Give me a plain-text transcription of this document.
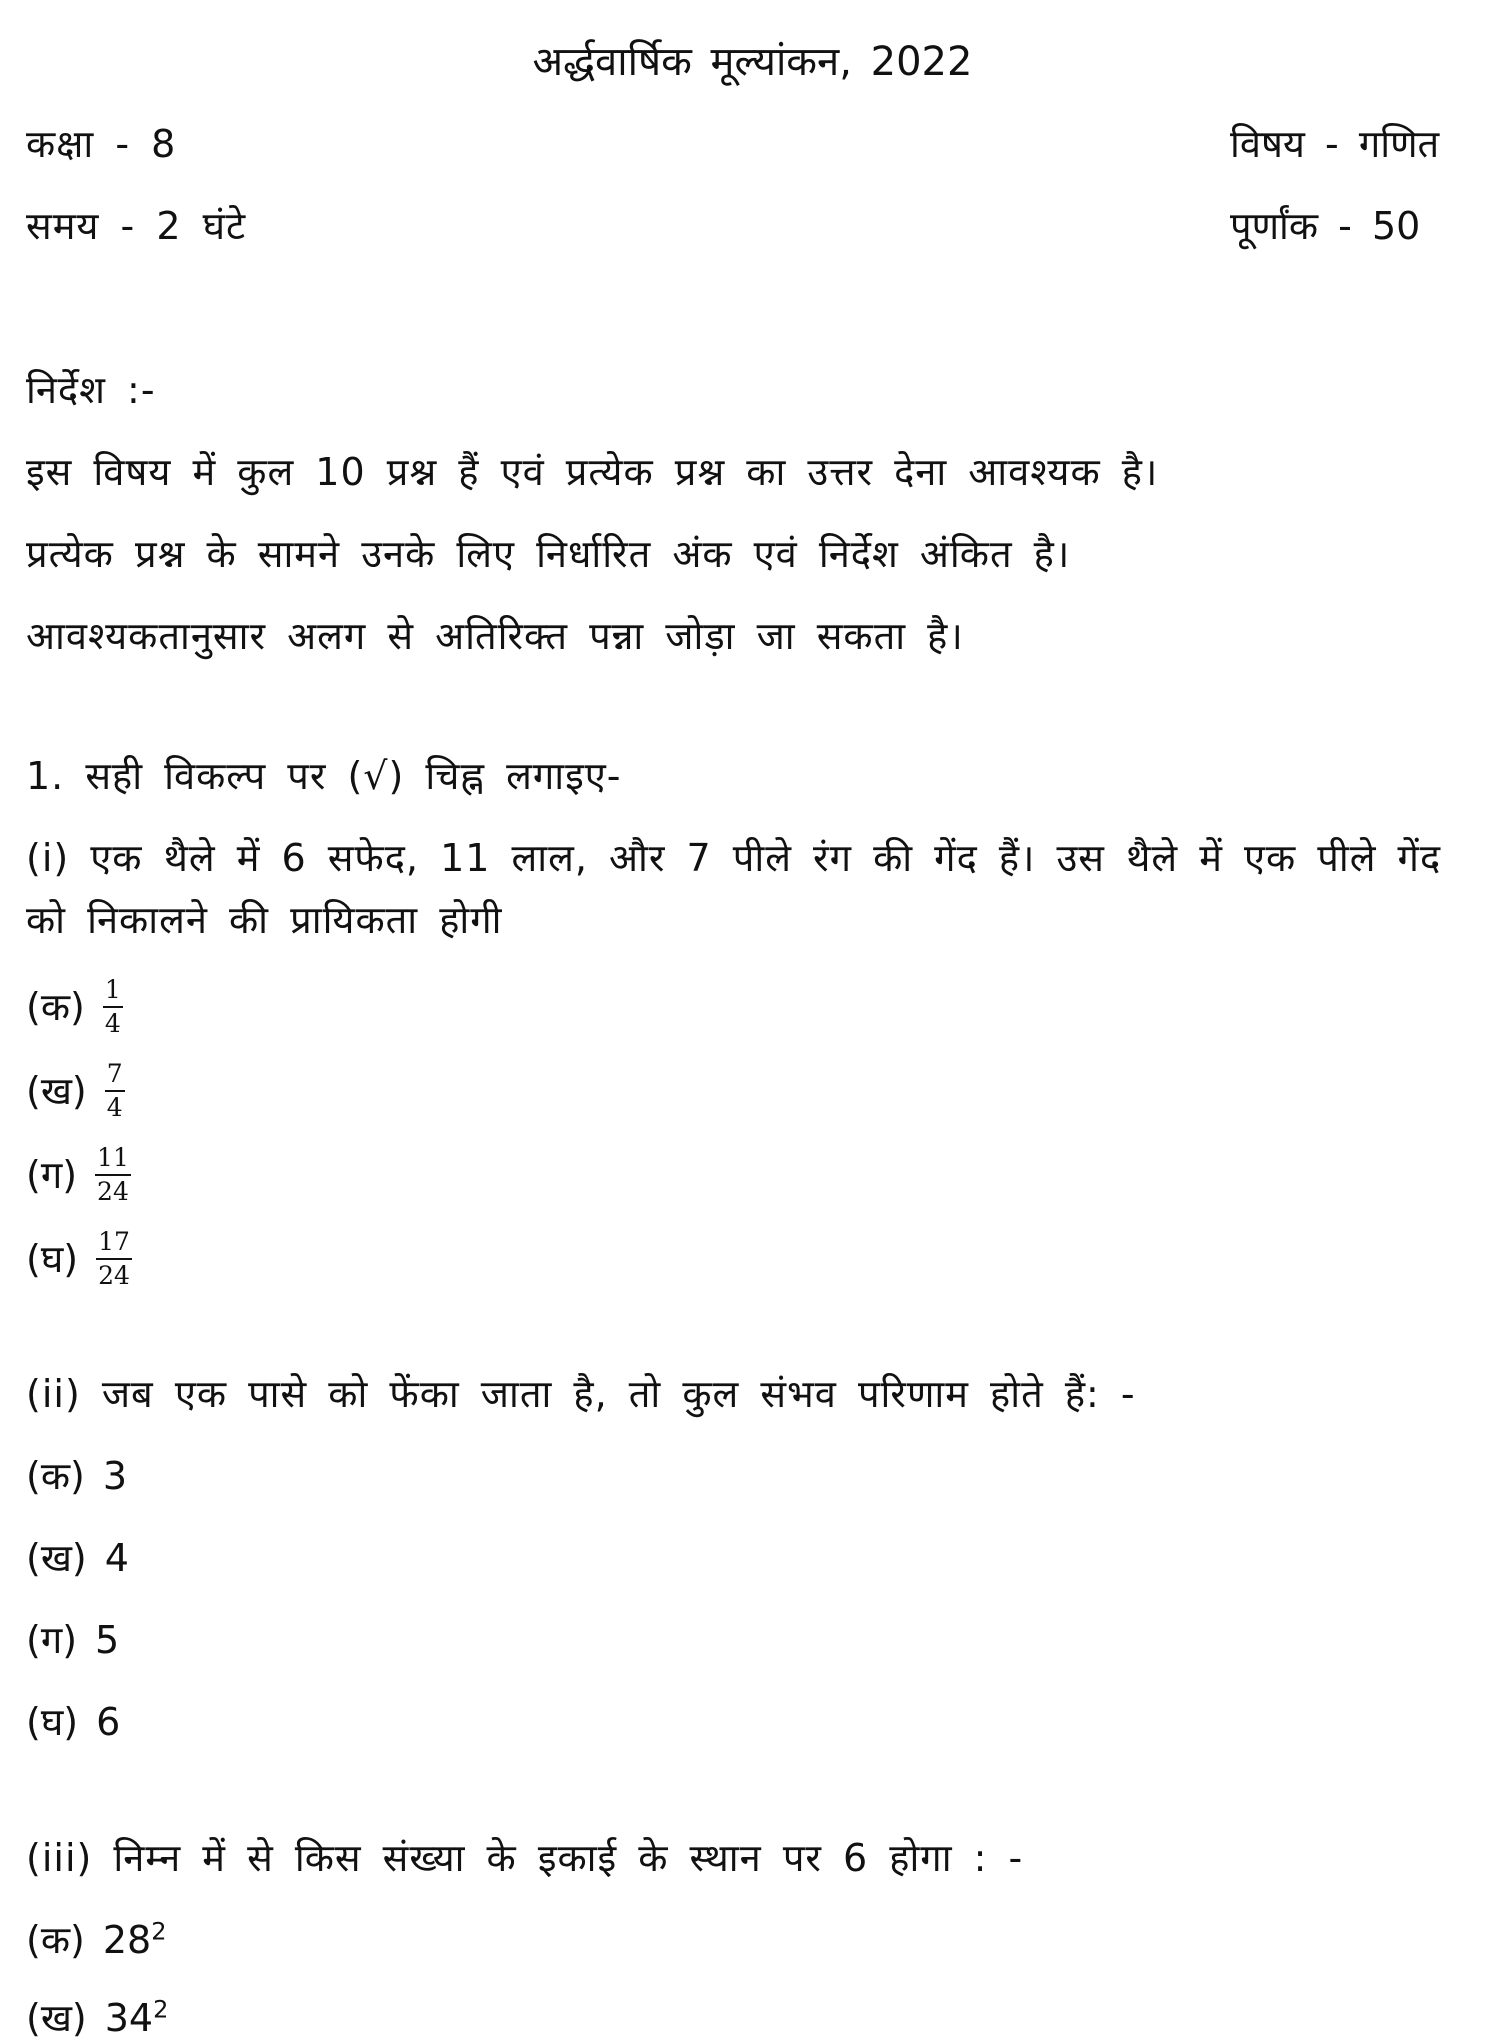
अर्द्धवार्षिक मूल्यांकन, 2022
कक्षा - 8	विषय - गणित
समय - 2 घंटे	पूर्णांक - 50
निर्देश :-
इस विषय में कुल 10 प्रश्न हैं एवं प्रत्येक प्रश्न का उत्तर देना आवश्यक है।
प्रत्येक प्रश्न के सामने उनके लिए निर्धारित अंक एवं निर्देश अंकित है।
आवश्यकतानुसार अलग से अतिरिक्त पन्ना जोड़ा जा सकता है।
1. सही विकल्प पर (√) चिह्न लगाइए-
(i) एक थैले में 6 सफेद, 11 लाल, और 7 पीले रंग की गेंद हैं। उस थैले में एक पीले गेंद
को निकालने की प्रायिकता होगी
(क) $\frac{1}{4}$
(ख) $\frac{7}{4}$
(ग) $\frac{11}{24}$
(घ) $\frac{17}{24}$
(ii) जब एक पासे को फेंका जाता है, तो कुल संभव परिणाम होते हैं: -
(क) 3
(ख) 4
(ग) 5
(घ) 6
(iii) निम्न में से किस संख्या के इकाई के स्थान पर 6 होगा : -
(क) $28^2$
(ख) $34^2$
